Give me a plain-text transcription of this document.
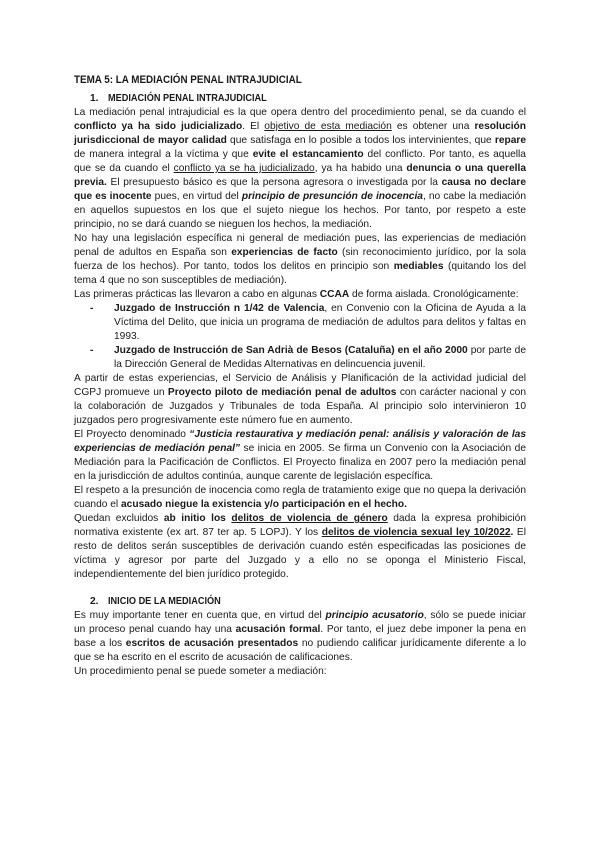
TEMA 5: LA MEDIACIÓN PENAL INTRAJUDICIAL
1. MEDIACIÓN PENAL INTRAJUDICIAL

La mediación penal intrajudicial es la que opera dentro del procedimiento penal, se da cuando el conflicto ya ha sido judicializado. El objetivo de esta mediación es obtener una resolución jurisdiccional de mayor calidad que satisfaga en lo posible a todos los intervinientes, que repare de manera integral a la víctima y que evite el estancamiento del conflicto. Por tanto, es aquella que se da cuando el conflicto ya se ha judicializado, ya ha habido una denuncia o una querella previa. El presupuesto básico es que la persona agresora o investigada por la causa no declare que es inocente pues, en virtud del principio de presunción de inocencia, no cabe la mediación en aquellos supuestos en los que el sujeto niegue los hechos. Por tanto, por respeto a este principio, no se dará cuando se nieguen los hechos, la mediación.

No hay una legislación específica ni general de mediación pues, las experiencias de mediación penal de adultos en España son experiencias de facto (sin reconocimiento jurídico, por la sola fuerza de los hechos). Por tanto, todos los delitos en principio son mediables (quitando los del tema 4 que no son susceptibles de mediación).

Las primeras prácticas las llevaron a cabo en algunas CCAA de forma aislada. Cronológicamente:

- Juzgado de Instrucción n 1/42 de Valencia, en Convenio con la Oficina de Ayuda a la Víctima del Delito, que inicia un programa de mediación de adultos para delitos y faltas en 1993.
- Juzgado de Instrucción de San Adrià de Besos (Cataluña) en el año 2000 por parte de la Dirección General de Medidas Alternativas en delincuencia juvenil.

A partir de estas experiencias, el Servicio de Análisis y Planificación de la actividad judicial del CGPJ promueve un Proyecto piloto de mediación penal de adultos con carácter nacional y con la colaboración de Juzgados y Tribunales de toda España. Al principio solo intervinieron 10 juzgados pero progresivamente este número fue en aumento.

El Proyecto denominado “Justicia restaurativa y mediación penal: análisis y valoración de las experiencias de mediación penal” se inicia en 2005. Se firma un Convenio con la Asociación de Mediación para la Pacificación de Conflictos. El Proyecto finaliza en 2007 pero la mediación penal en la jurisdicción de adultos continúa, aunque carente de legislación específica.

El respeto a la presunción de inocencia como regla de tratamiento exige que no quepa la derivación cuando el acusado niegue la existencia y/o participación en el hecho.

Quedan excluidos ab initio los delitos de violencia de género dada la expresa prohibición normativa existente (ex art. 87 ter ap. 5 LOPJ). Y los delitos de violencia sexual ley 10/2022. El resto de delitos serán susceptibles de derivación cuando estén especificadas las posiciones de víctima y agresor por parte del Juzgado y a ello no se oponga el Ministerio Fiscal, independientemente del bien jurídico protegido.

2. INICIO DE LA MEDIACIÓN

Es muy importante tener en cuenta que, en virtud del principio acusatorio, sólo se puede iniciar un proceso penal cuando hay una acusación formal. Por tanto, el juez debe imponer la pena en base a los escritos de acusación presentados no pudiendo calificar jurídicamente diferente a lo que se ha escrito en el escrito de acusación de calificaciones.

Un procedimiento penal se puede someter a mediación:
